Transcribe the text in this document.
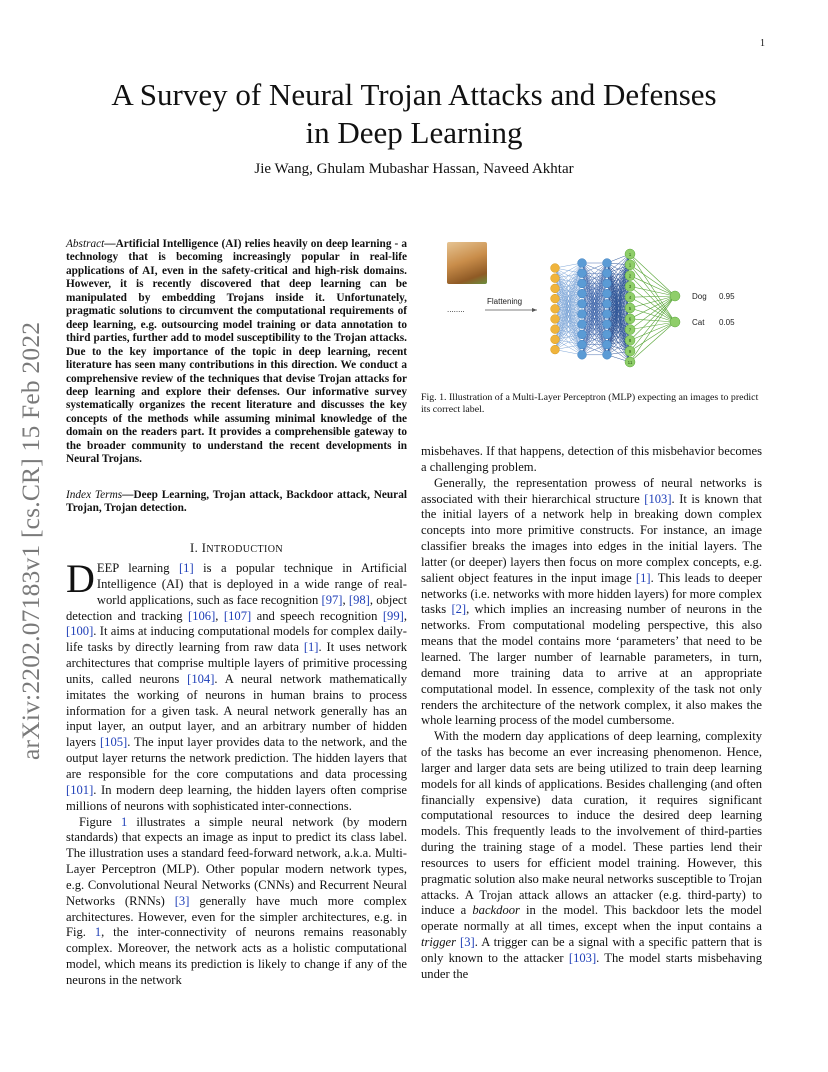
1
A Survey of Neural Trojan Attacks and Defenses
in Deep Learning
Jie Wang, Ghulam Mubashar Hassan, Naveed Akhtar
arXiv:2202.07183v1 [cs.CR] 15 Feb 2022
Abstract—Artificial Intelligence (AI) relies heavily on deep learning - a technology that is becoming increasingly popular in real-life applications of AI, even in the safety-critical and high-risk domains. However, it is recently discovered that deep learning can be manipulated by embedding Trojans inside it. Unfortunately, pragmatic solutions to circumvent the computational requirements of deep learning, e.g. outsourcing model training or data annotation to third parties, further add to model susceptibility to the Trojan attacks. Due to the key importance of the topic in deep learning, recent literature has seen many contributions in this direction. We conduct a comprehensive review of the techniques that devise Trojan attacks for deep learning and explore their defenses. Our informative survey systematically organizes the recent literature and discusses the key concepts of the methods while assuming minimal knowledge of the domain on the readers part. It provides a comprehensible gateway to the broader community to understand the recent developments in Neural Trojans.
Index Terms—Deep Learning, Trojan attack, Backdoor attack, Neural Trojan, Trojan detection.
I. INTRODUCTION

DEEP learning [1] is a popular technique in Artificial Intelligence (AI) that is deployed in a wide range of real-world applications, such as face recognition [97], [98], object detection and tracking [106], [107] and speech recognition [99], [100]. It aims at inducing computational models for complex daily-life tasks by directly learning from raw data [1]. It uses network architectures that comprise multiple layers of primitive processing units, called neurons [104]. A neural network mathematically imitates the working of neurons in human brains to process information for a given task. A neural network generally has an input layer, an output layer, and an arbitrary number of hidden layers [105]. The input layer provides data to the network, and the output layer returns the network prediction. The hidden layers that are responsible for the core computations and data processing [101]. In modern deep learning, the hidden layers often comprise millions of neurons with sophisticated inter-connections.

Figure 1 illustrates a simple neural network (by modern standards) that expects an image as input to predict its class label. The illustration uses a standard feed-forward network, a.k.a. Multi-Layer Perceptron (MLP). Other popular modern network types, e.g. Convolutional Neural Networks (CNNs) and Recurrent Neural Networks (RNNs) [3] generally have much more complex architectures. However, even for the simpler architectures, e.g. in Fig. 1, the inter-connectivity of neurons remains reasonably complex. Moreover, the network acts as a holistic computational model, which means its prediction is likely to change if any of the neurons in the network

1
1
2
3
4
5
6
7
8
9
11
........
Flattening
Dog 0.95
Cat 0.05
Fig. 1. Illustration of a Multi-Layer Perceptron (MLP) expecting an images to predict its correct label.

misbehaves. If that happens, detection of this misbehavior becomes a challenging problem.

Generally, the representation prowess of neural networks is associated with their hierarchical structure [103]. It is known that the initial layers of a network help in breaking down complex concepts into more primitive constructs. For instance, an image classifier breaks the images into edges in the initial layers. The latter (or deeper) layers then focus on more complex concepts, e.g. salient object features in the input image [1]. This leads to deeper networks (i.e. networks with more hidden layers) for more complex tasks [2], which implies an increasing number of neurons in the networks. From computational modeling perspective, this also means that the model contains more ‘parameters’ that need to be learned. The larger number of learnable parameters, in turn, demand more training data to arrive at an appropriate computational model. In essence, complexity of the task not only renders the architecture of the network complex, it also makes the whole learning process of the model cumbersome.

With the modern day applications of deep learning, complexity of the tasks has become an ever increasing phenomenon. Hence, larger and larger data sets are being utilized to train deep learning models for all kinds of applications. Besides challenging (and often financially expensive) data curation, it requires significant computational resources to induce the desired deep learning models. This frequently leads to the involvement of third-parties during the training stage of a model. These parties lend their resources to users for efficient model training. However, this pragmatic solution also make neural networks susceptible to Trojan attacks. A Trojan attack allows an attacker (e.g. third-party) to induce a backdoor in the model. This backdoor lets the model operate normally at all times, except when the input contains a trigger [3]. A trigger can be a signal with a specific pattern that is only known to the attacker [103]. The model starts misbehaving under the
